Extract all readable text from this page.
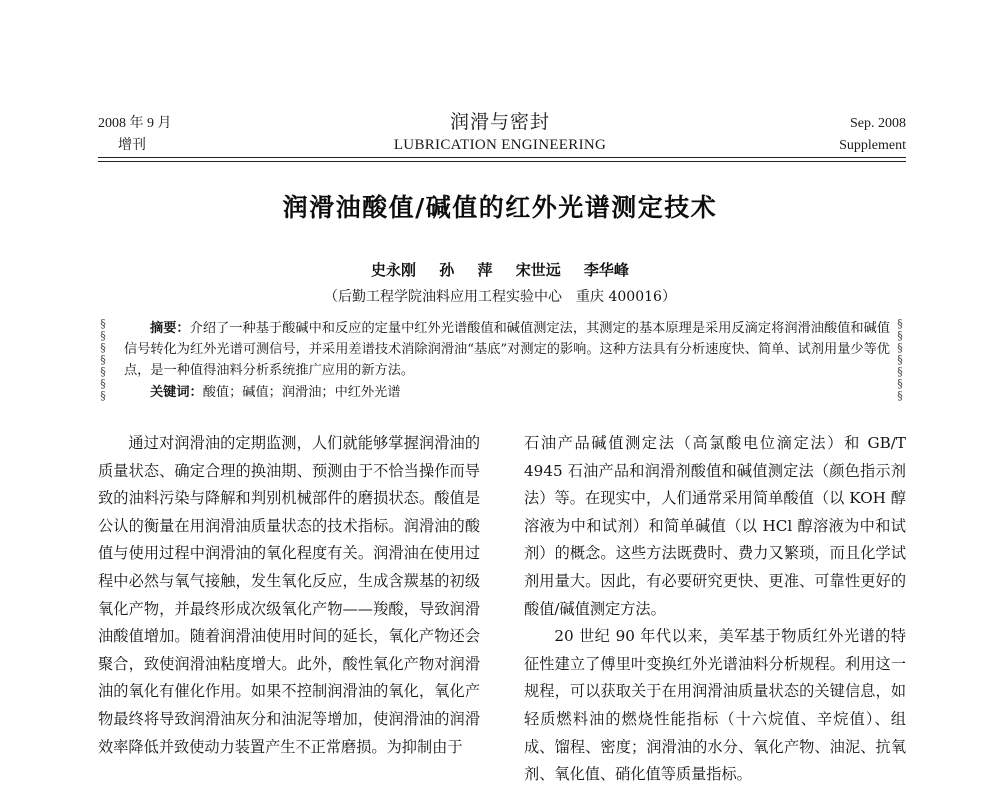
2008 年 9 月
增刊
润滑与密封
LUBRICATION ENGINEERING
Sep. 2008
Supplement
润滑油酸值/碱值的红外光谱测定技术
史永刚 孙 萍 宋世远 李华峰
（后勤工程学院油料应用工程实验中心　重庆 400016）
§
§
§
§
§
§
§
§
§
§
§
§
§
§
摘要：介绍了一种基于酸碱中和反应的定量中红外光谱酸值和碱值测定法，其测定的基本原理是采用反滴定将润滑油酸值和碱值信号转化为红外光谱可测信号，并采用差谱技术消除润滑油“基底”对测定的影响。这种方法具有分析速度快、简单、试剂用量少等优点，是一种值得油料分析系统推广应用的新方法。
关键词：酸值；碱值；润滑油；中红外光谱

通过对润滑油的定期监测，人们就能够掌握润滑油的质量状态、确定合理的换油期、预测由于不恰当操作而导致的油料污染与降解和判别机械部件的磨损状态。酸值是公认的衡量在用润滑油质量状态的技术指标。润滑油的酸值与使用过程中润滑油的氧化程度有关。润滑油在使用过程中必然与氧气接触，发生氧化反应，生成含羰基的初级氧化产物，并最终形成次级氧化产物——羧酸，导致润滑油酸值增加。随着润滑油使用时间的延长，氧化产物还会聚合，致使润滑油粘度增大。此外，酸性氧化产物对润滑油的氧化有催化作用。如果不控制润滑油的氧化，氧化产物最终将导致润滑油灰分和油泥等增加，使润滑油的润滑效率降低并致使动力装置产生不正常磨损。为抑制由于

石油产品碱值测定法（高氯酸电位滴定法）和 GB/T 4945 石油产品和润滑剂酸值和碱值测定法（颜色指示剂法）等。在现实中，人们通常采用简单酸值（以 KOH 醇溶液为中和试剂）和简单碱值（以 HCl 醇溶液为中和试剂）的概念。这些方法既费时、费力又繁琐，而且化学试剂用量大。因此，有必要研究更快、更准、可靠性更好的酸值/碱值测定方法。

20 世纪 90 年代以来，美军基于物质红外光谱的特征性建立了傅里叶变换红外光谱油料分析规程。利用这一规程，可以获取关于在用润滑油质量状态的关键信息，如轻质燃料油的燃烧性能指标（十六烷值、辛烷值）、组成、馏程、密度；润滑油的水分、氧化产物、油泥、抗氧剂、氧化值、硝化值等质量指标。
